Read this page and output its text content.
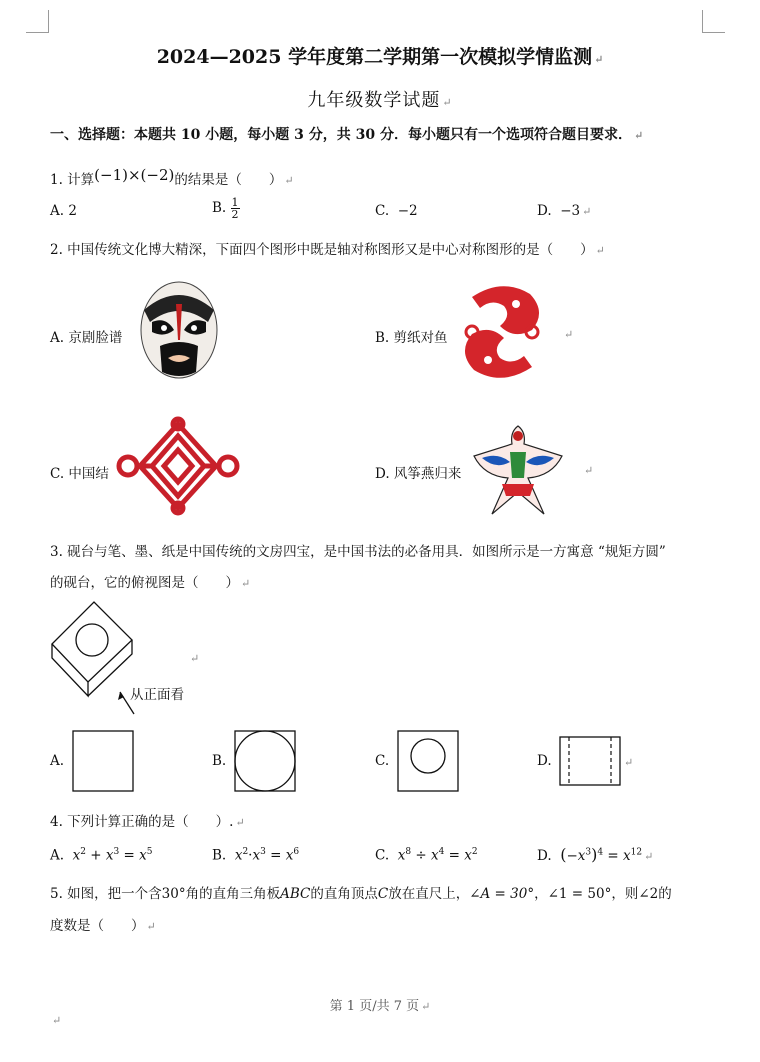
2024—2025 学年度第二学期第一次模拟学情监测 ↵
九年级数学试题 ↵
一、选择题：本题共 10 小题，每小题 3 分，共 30 分．每小题只有一个选项符合题目要求． ↵
1. 计算(−1)×(−2)的结果是（　　） ↵
A. 2	B. $\frac{1}{2}$	C. −2	D. −3 ↵
2. 中国传统文化博大精深，下面四个图形中既是轴对称图形又是中心对称图形的是（　　） ↵
A. 京剧脸谱	B. 剪纸对鱼	↵
C. 中国结	D. 风筝燕归来	↵
3. 砚台与笔、墨、纸是中国传统的文房四宝，是中国书法的必备用具．如图所示是一方寓意 “规矩方圆”
的砚台，它的俯视图是（　　） ↵
↵
从正面看
A.	B.	C.	D.	↵
4. 下列计算正确的是（　　）. ↵
A. $x^2 + x^3 = x^5$	B. $x^2\cdot x^3 = x^6$	C. $x^8 \div x^4 = x^2$	D. $(-x^3)^4 = x^{12}$ ↵
5. 如图，把一个含30°角的直角三角板ABC的直角顶点C放在直尺上，∠A = 30°，∠1 = 50°，则∠2的
度数是（　　） ↵
第 1 页/共 7 页 ↵
↵
